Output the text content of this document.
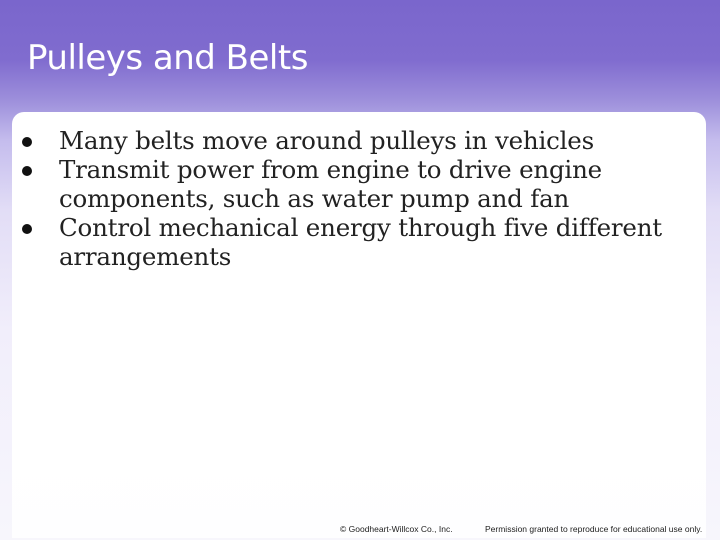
Pulleys and Belts
Many belts move around pulleys in vehicles
Transmit power from engine to drive engine components, such as water pump and fan
Control mechanical energy through five different arrangements
© Goodheart-Willcox Co., Inc.	Permission granted to reproduce for educational use only.
